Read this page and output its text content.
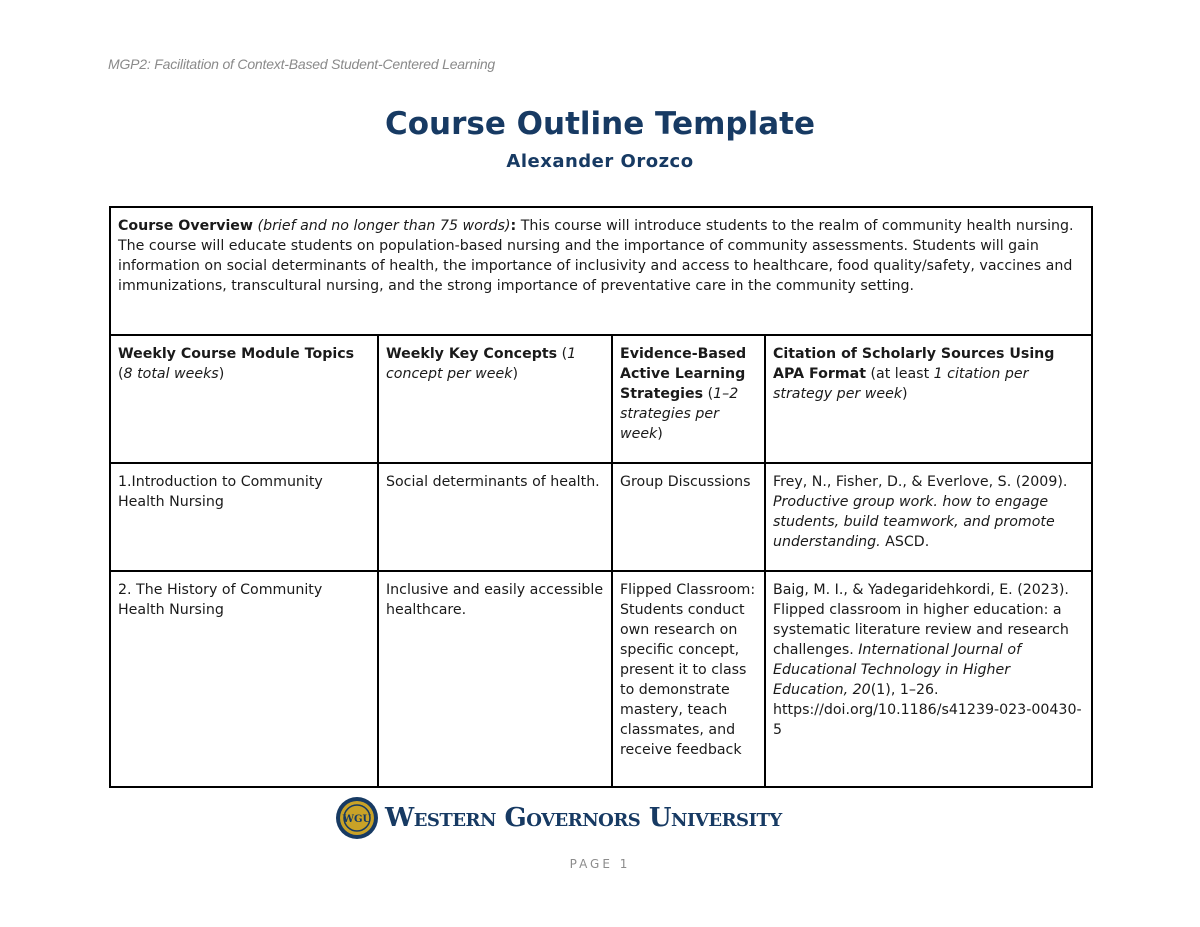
MGP2: Facilitation of Context-Based Student-Centered Learning
Course Outline Template
Alexander Orozco
Course Overview (brief and no longer than 75 words): This course will introduce students to the realm of community health nursing. The course will educate students on population-based nursing and the importance of community assessments. Students will gain information on social determinants of health, the importance of inclusivity and access to healthcare, food quality/safety, vaccines and immunizations, transcultural nursing, and the strong importance of preventative care in the community setting.			
Weekly Course Module Topics
(8 total weeks)	Weekly Key Concepts (1 concept per week)	Evidence-Based Active Learning Strategies (1–2 strategies per week)	Citation of Scholarly Sources Using APA Format (at least 1 citation per strategy per week)
1.Introduction to Community Health Nursing	Social determinants of health.	Group Discussions	Frey, N., Fisher, D., & Everlove, S. (2009). Productive group work. how to engage students, build teamwork, and promote understanding. ASCD.
2. The History of Community Health Nursing	Inclusive and easily accessible healthcare.	Flipped Classroom: Students conduct own research on specific concept, present it to class to demonstrate mastery, teach classmates, and receive feedback	Baig, M. I., & Yadegaridehkordi, E. (2023). Flipped classroom in higher education: a systematic literature review and research challenges. International Journal of Educational Technology in Higher Education, 20(1), 1–26. https://doi.org/10.1186/s41239-023-00430-5
WGU Western Governors University
PAGE 1
